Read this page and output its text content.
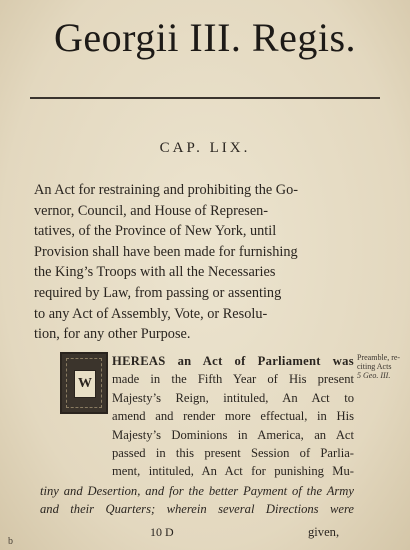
Georgii III. Regis.
CAP. LIX.
An Act for restraining and prohibiting the Go-
vernor, Council, and House of Represen-
tatives, of the Province of New York, until
Provision shall have been made for furnishing
the King’s Troops with all the Necessaries
required by Law, from passing or assenting
to any Act of Assembly, Vote, or Resolu-
tion, for any other Purpose.
W
HEREAS an Act of Parliament was
made in the Fifth Year of His present
Majesty’s Reign, intituled, An Act to
amend and render more effectual, in His
Majesty’s Dominions in America, an Act
passed in this present Session of Parlia-
ment, intituled, An Act for punishing Mu-
Preamble, re-
citing Acts
5 Geo. III.
tiny and Desertion, and for the better Payment of the Army
and their Quarters; wherein several Directions were
10 D	given,
b
